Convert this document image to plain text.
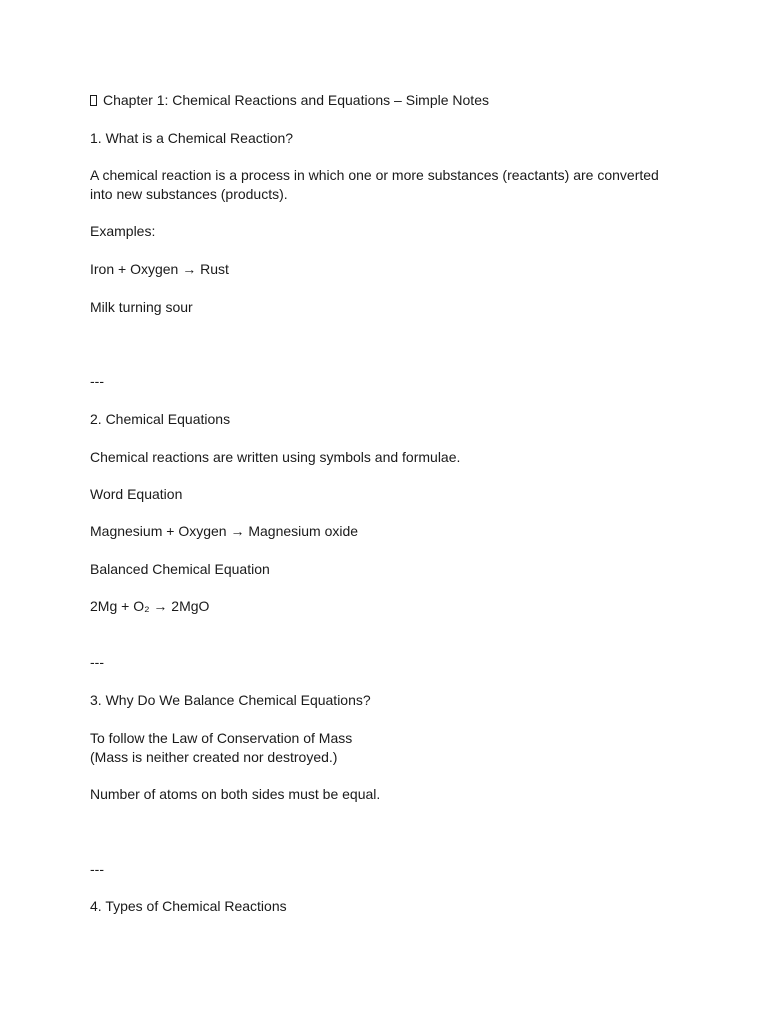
Chapter 1: Chemical Reactions and Equations – Simple Notes
1. What is a Chemical Reaction?
A chemical reaction is a process in which one or more substances (reactants) are converted
into new substances (products).
Examples:
Iron + Oxygen → Rust
Milk turning sour
---
2. Chemical Equations
Chemical reactions are written using symbols and formulae.
Word Equation
Magnesium + Oxygen → Magnesium oxide
Balanced Chemical Equation
2Mg + O₂ → 2MgO
---
3. Why Do We Balance Chemical Equations?
To follow the Law of Conservation of Mass
(Mass is neither created nor destroyed.)
Number of atoms on both sides must be equal.
---
4. Types of Chemical Reactions
